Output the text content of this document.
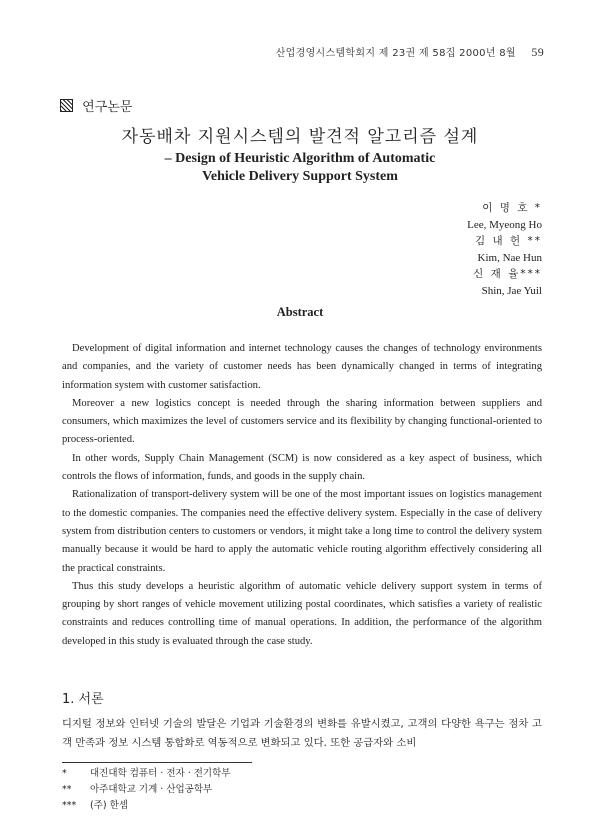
산업경영시스템학회지 제 23권 제 58집 2000년 8월 59
연구논문
자동배차 지원시스템의 발견적 알고리즘 설계
– Design of Heuristic Algorithm of Automatic
Vehicle Delivery Support System
이 명 호 *
Lee, Myeong Ho
김 내 헌 **
Kim, Nae Hun
신 재 율***
Shin, Jae Yuil
Abstract

Development of digital information and internet technology causes the changes of technology environments and companies, and the variety of customer needs has been dynamically changed in terms of integrating information system with customer satisfaction.

Moreover a new logistics concept is needed through the sharing information between suppliers and consumers, which maximizes the level of customers service and its flexibility by changing functional-oriented to process-oriented.

In other words, Supply Chain Management (SCM) is now considered as a key aspect of business, which controls the flows of information, funds, and goods in the supply chain.

Rationalization of transport-delivery system will be one of the most important issues on logistics management to the domestic companies. The companies need the effective delivery system. Especially in the case of delivery system from distribution centers to customers or vendors, it might take a long time to control the delivery system manually because it would be hard to apply the automatic vehicle routing algorithm effectively considering all the practical constraints.

Thus this study develops a heuristic algorithm of automatic vehicle delivery support system in terms of grouping by short ranges of vehicle movement utilizing postal coordinates, which satisfies a variety of realistic constraints and reduces controlling time of manual operations. In addition, the performance of the algorithm developed in this study is evaluated through the case study.

1. 서론
디지털 정보와 인터넷 기술의 발달은 기업과 기술환경의 변화를 유발시켰고, 고객의 다양한 욕구는 점차 고객 만족과 정보 시스템 통합화로 역동적으로 변화되고 있다. 또한 공급자와 소비
* 대진대학 컴퓨터 · 전자 · 전기학부
** 아주대학교 기계 · 산업공학부
*** (주) 한셈
